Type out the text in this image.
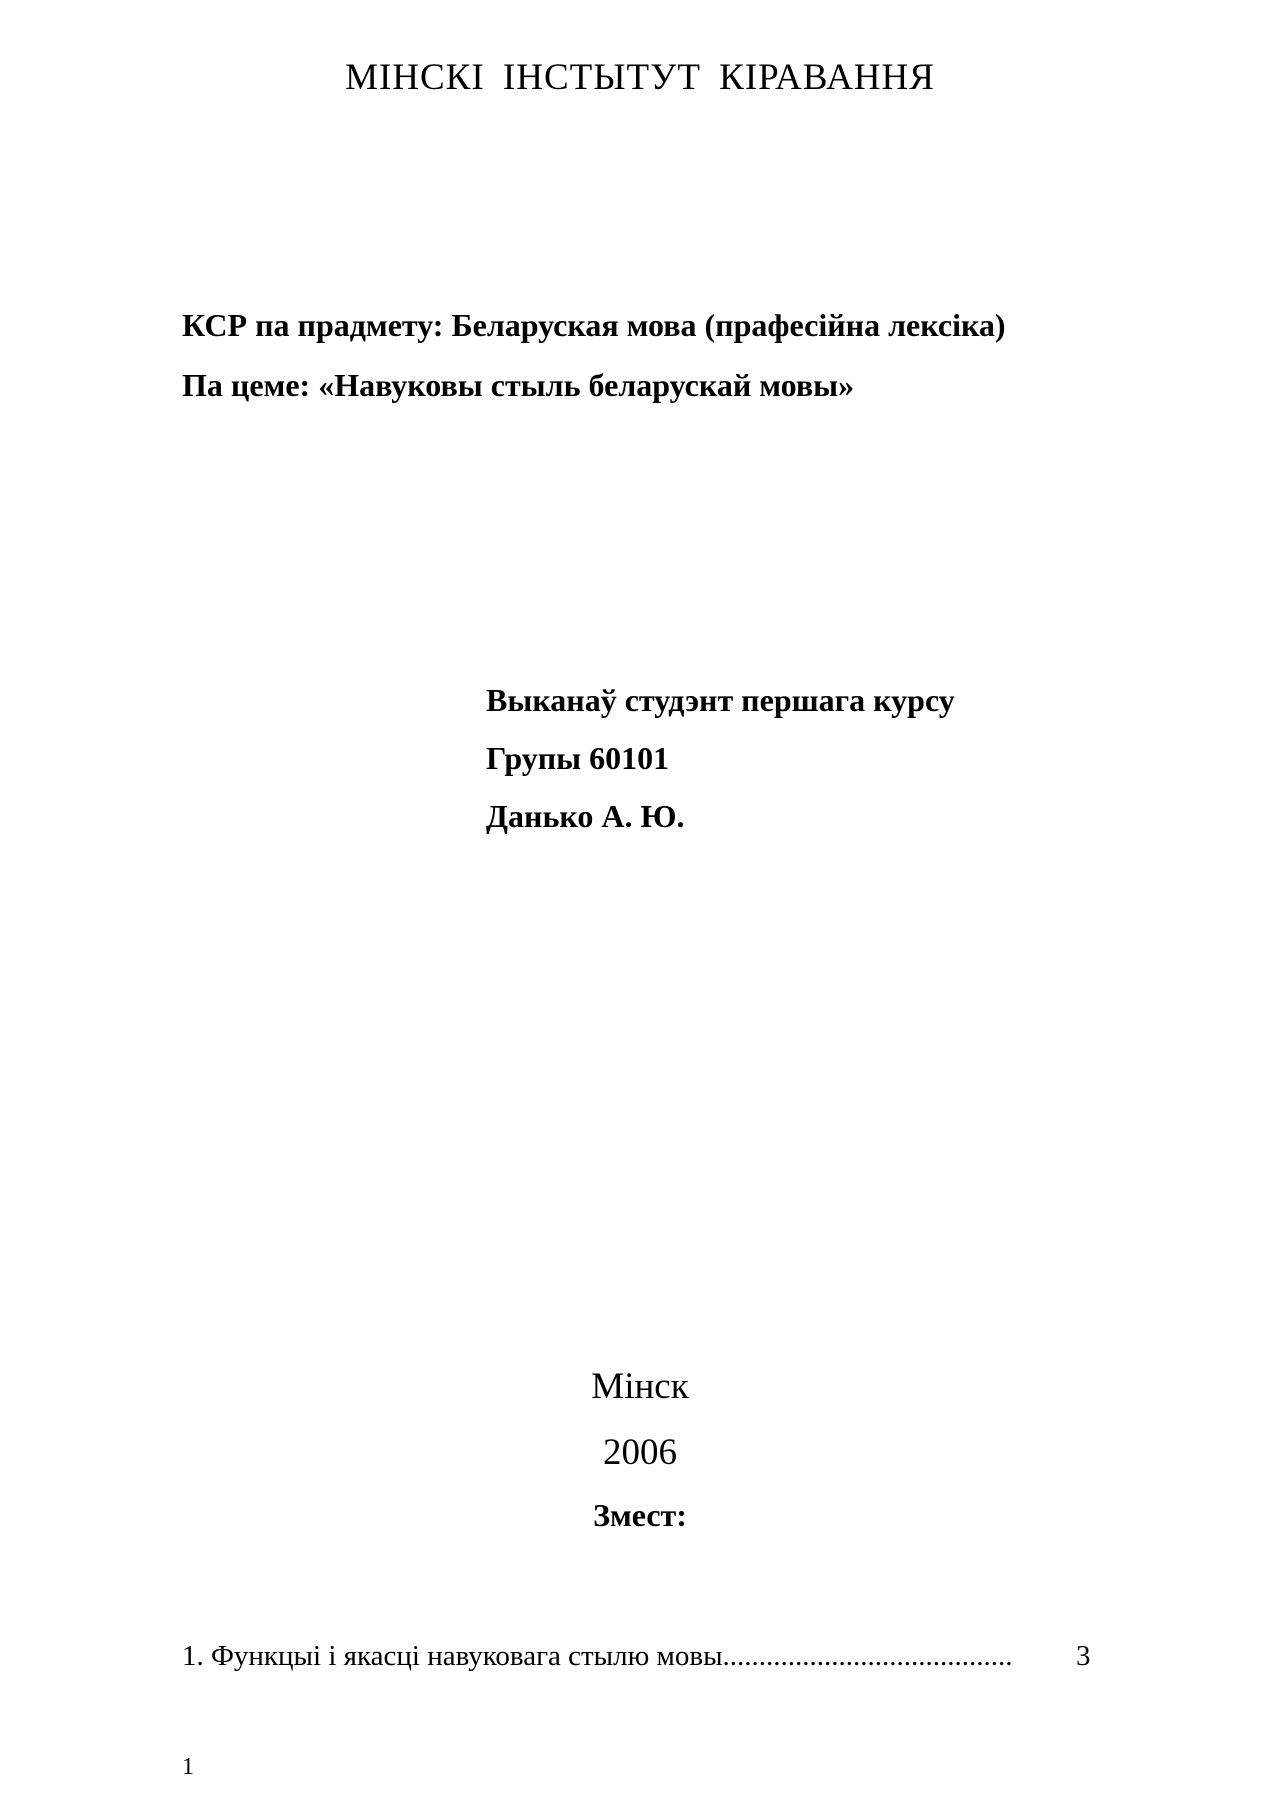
МІНСКІ ІНСТЫТУТ КІРАВАННЯ
КСР па прадмету: Беларуская мова (прафесійна лексіка)
Па цеме: «Навуковы стыль беларускай мовы»
Выканаў студэнт першага курсу
Групы 60101
Данько А. Ю.
Мінск
2006
Змест:
1. Функцыі і якасці навуковага стылю мовы........................................ 3
1
